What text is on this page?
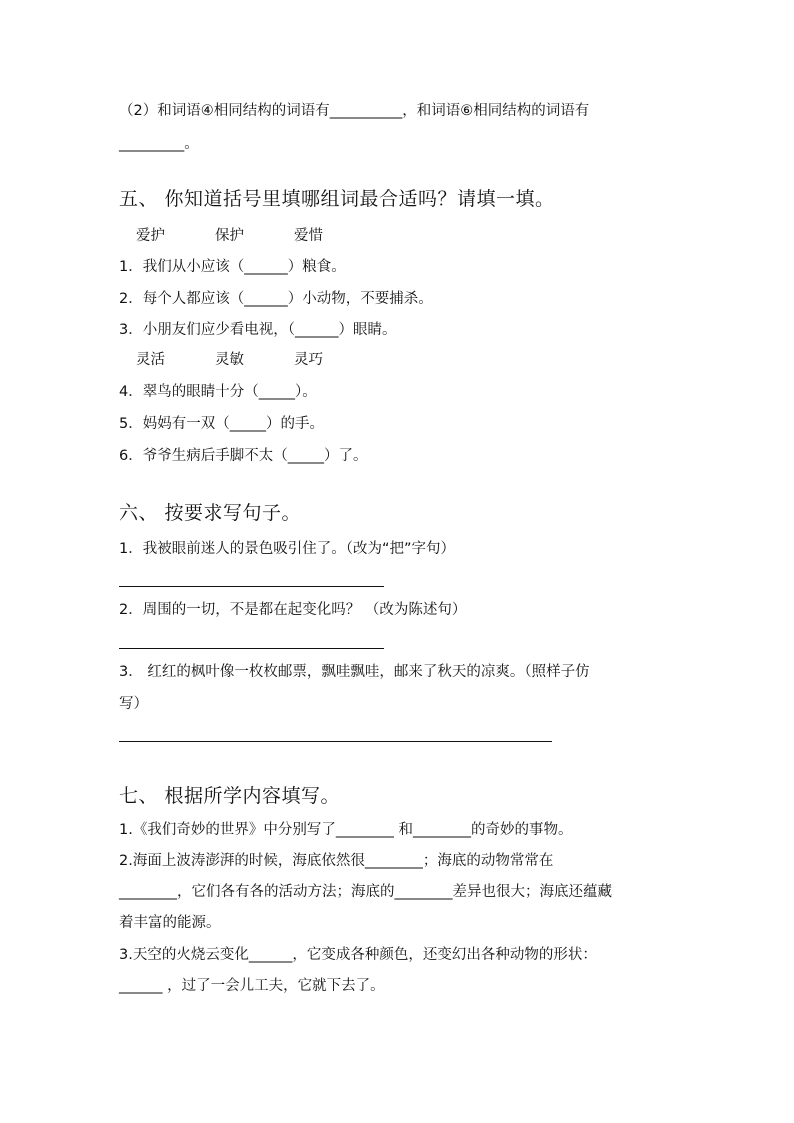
（2）和词语④相同结构的词语有__________，和词语⑥相同结构的词语有
_________。
五、 你知道括号里填哪组词最合适吗？请填一填。
爱护	保护	爱惜
1．我们从小应该（______）粮食。
2．每个人都应该（______）小动物，不要捕杀。
3．小朋友们应少看电视，（______）眼睛。
灵活	灵敏	灵巧
4．翠鸟的眼睛十分（_____）。
5．妈妈有一双（_____）的手。
6．爷爷生病后手脚不太（_____）了。
六、 按要求写句子。
1．我被眼前迷人的景色吸引住了。（改为“把”字句）
2．周围的一切，不是都在起变化吗？ （改为陈述句）
3． 红红的枫叶像一枚枚邮票，飘哇飘哇，邮来了秋天的凉爽。（照样子仿
写）
七、 根据所学内容填写。
1.《我们奇妙的世界》中分别写了________ 和________的奇妙的事物。
2.海面上波涛澎湃的时候，海底依然很________；海底的动物常常在
________，它们各有各的活动方法；海底的________差异也很大；海底还蕴藏
着丰富的能源。
3.天空的火烧云变化______，它变成各种颜色，还变幻出各种动物的形状：
______ ，过了一会儿工夫，它就下去了。
